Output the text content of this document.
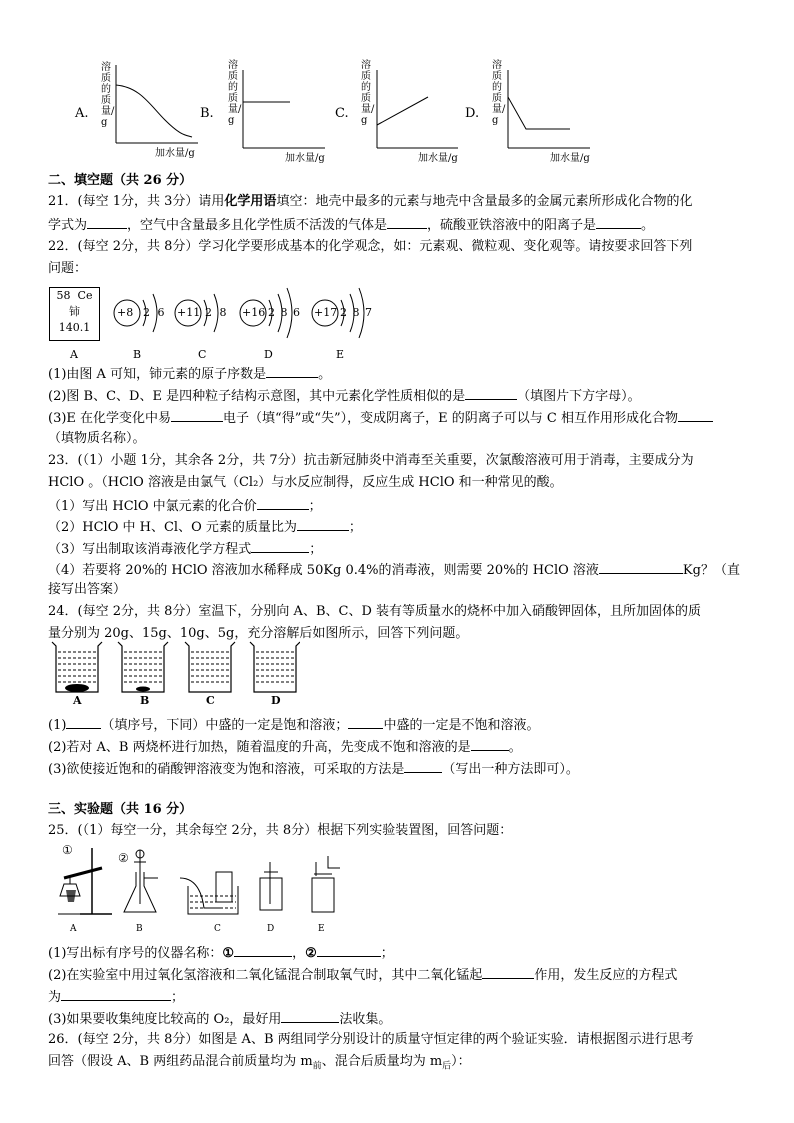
A.
加水量/g
B.
加水量/g
C.
加水量/g
D.
加水量/g
溶质的质量/g
溶质的质量/g
溶质的质量/g
溶质的质量/g
二、填空题（共 26 分）
21．(每空 1分，共 3分）请用化学用语填空：地壳中最多的元素与地壳中含量最多的金属元素所形成化合物的化
学式为	，空气中含量最多且化学性质不活泼的气体是	，硫酸亚铁溶液中的阳离子是	。
22．(每空 2分，共 8分）学习化学要形成基本的化学观念，如：元素观、微粒观、变化观等。请按要求回答下列
问题：
58 Ce
铈
140.1
A
+8 2 6 +11 2 8 +16 2 8 6 +17 2 8 7
B	C	D	E
(1)由图 A 可知，铈元素的原子序数是	。
(2)图 B、C、D、E 是四种粒子结构示意图，其中元素化学性质相似的是	（填图片下方字母）。
(3)E 在化学变化中易	电子（填“得”或“失”），变成阴离子，E 的阴离子可以与 C 相互作用形成化合物
（填物质名称）。
23．(（1）小题 1分，其余各 2分，共 7分）抗击新冠肺炎中消毒至关重要，次氯酸溶液可用于消毒，主要成分为
HClO 。（HClO 溶液是由氯气（Cl₂）与水反应制得，反应生成 HClO 和一种常见的酸。
（1）写出 HClO 中氯元素的化合价	；
（2）HClO 中 H、Cl、O 元素的质量比为	；
（3）写出制取该消毒液化学方程式	；
（4）若要将 20%的 HClO 溶液加水稀释成 50Kg 0.4%的消毒液，则需要 20%的 HClO 溶液	Kg？（直
接写出答案）
24．(每空 2分，共 8分）室温下，分别向 A、B、C、D 装有等质量水的烧杯中加入硝酸钾固体，且所加固体的质
量分别为 20g、15g、10g、5g，充分溶解后如图所示，回答下列问题。
A	B	C	D
(1)	（填序号，下同）中盛的一定是饱和溶液；	中盛的一定是不饱和溶液。
(2)若对 A、B 两烧杯进行加热，随着温度的升高，先变成不饱和溶液的是	。
(3)欲使接近饱和的硝酸钾溶液变为饱和溶液，可采取的方法是	（写出一种方法即可）。
三、实验题（共 16 分）
25．(（1）每空一分，其余每空 2分，共 8分）根据下列实验装置图，回答问题：
①
②
A	B	C	D	E
(1)写出标有序号的仪器名称：①	，②	；
(2)在实验室中用过氧化氢溶液和二氧化锰混合制取氧气时，其中二氧化锰起	作用，发生反应的方程式
为	；
(3)如果要收集纯度比较高的 O₂，最好用	法收集。
26．(每空 2分，共 8分）如图是 A、B 两组同学分别设计的质量守恒定律的两个验证实验．请根据图示进行思考
回答（假设 A、B 两组药品混合前质量均为 $m_前$、混合后质量均为 $m_后$）：
